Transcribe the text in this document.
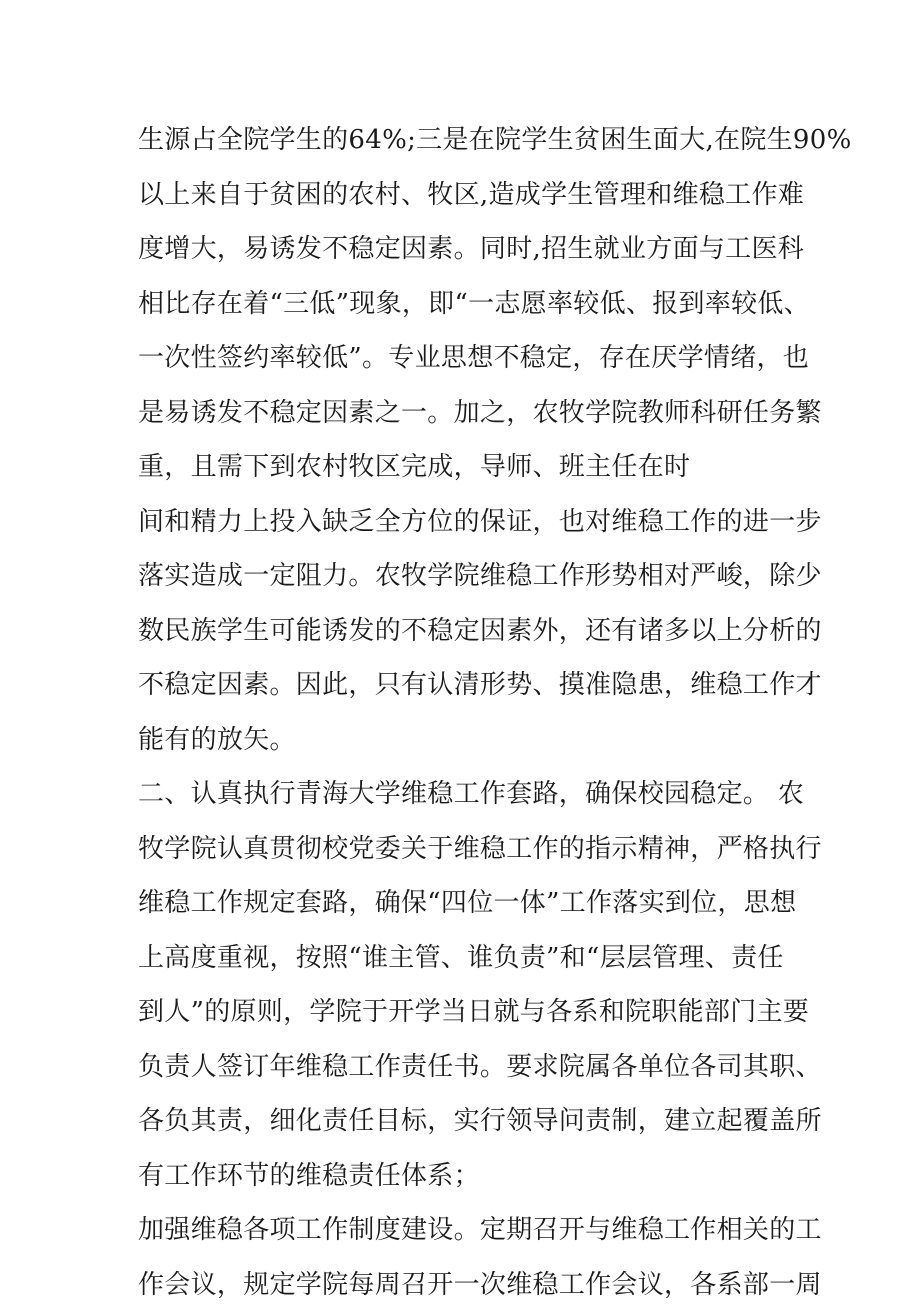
生源占全院学生的64%;三是在院学生贫困生面大,在院生90%
以上来自于贫困的农村、牧区,造成学生管理和维稳工作难
度增大，易诱发不稳定因素。同时,招生就业方面与工医科
相比存在着“三低”现象，即“一志愿率较低、报到率较低、
一次性签约率较低”。专业思想不稳定，存在厌学情绪，也
是易诱发不稳定因素之一。加之，农牧学院教师科研任务繁
重，且需下到农村牧区完成，导师、班主任在时
间和精力上投入缺乏全方位的保证，也对维稳工作的进一步
落实造成一定阻力。农牧学院维稳工作形势相对严峻，除少
数民族学生可能诱发的不稳定因素外，还有诸多以上分析的
不稳定因素。因此，只有认清形势、摸准隐患，维稳工作才
能有的放矢。
二、认真执行青海大学维稳工作套路，确保校园稳定。 农
牧学院认真贯彻校党委关于维稳工作的指示精神，严格执行
维稳工作规定套路，确保“四位一体”工作落实到位，思想
上高度重视，按照“谁主管、谁负责”和“层层管理、责任
到人”的原则，学院于开学当日就与各系和院职能部门主要
负责人签订年维稳工作责任书。要求院属各单位各司其职、
各负其责，细化责任目标，实行领导问责制，建立起覆盖所
有工作环节的维稳责任体系；
加强维稳各项工作制度建设。定期召开与维稳工作相关的工
作会议，规定学院每周召开一次维稳工作会议，各系部一周
